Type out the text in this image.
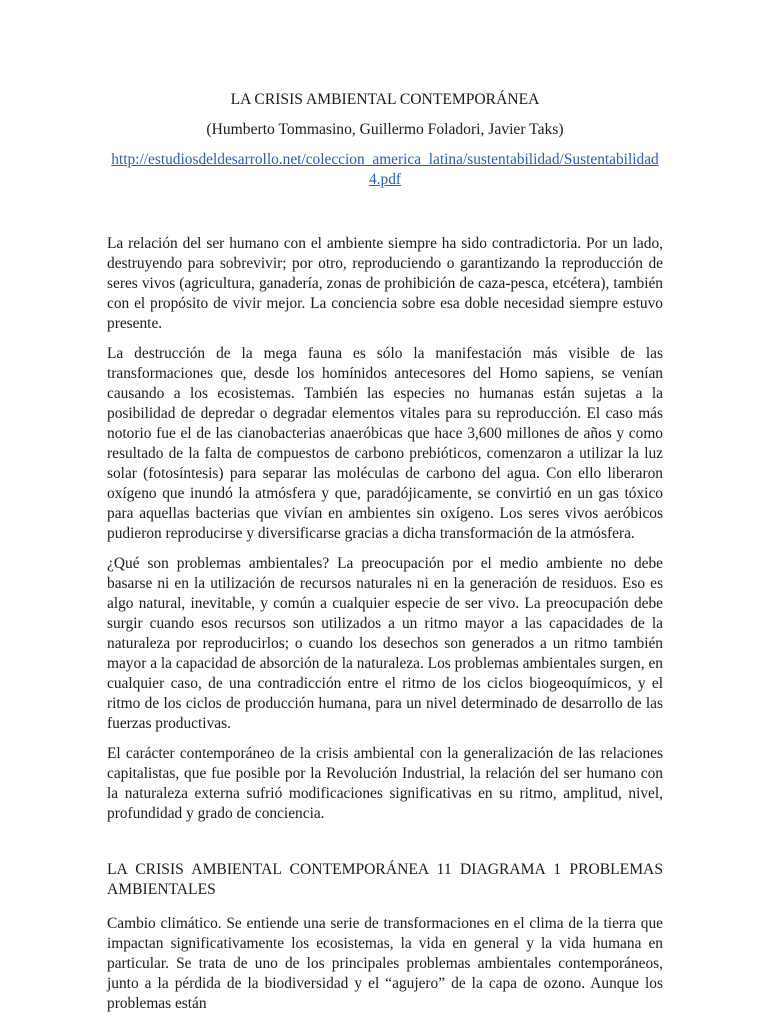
LA CRISIS AMBIENTAL CONTEMPORÁNEA

(Humberto Tommasino, Guillermo Foladori, Javier Taks)

http://estudiosdeldesarrollo.net/coleccion_america_latina/sustentabilidad/Sustentabilidad4.pdf

La relación del ser humano con el ambiente siempre ha sido contradictoria. Por un lado, destruyendo para sobrevivir; por otro, reproduciendo o garantizando la reproducción de seres vivos (agricultura, ganadería, zonas de prohibición de caza-pesca, etcétera), también con el propósito de vivir mejor. La conciencia sobre esa doble necesidad siempre estuvo presente.

La destrucción de la mega fauna es sólo la manifestación más visible de las transformaciones que, desde los homínidos antecesores del Homo sapiens, se venían causando a los ecosistemas. También las especies no humanas están sujetas a la posibilidad de depredar o degradar elementos vitales para su reproducción. El caso más notorio fue el de las cianobacterias anaeróbicas que hace 3,600 millones de años y como resultado de la falta de compuestos de carbono prebióticos, comenzaron a utilizar la luz solar (fotosíntesis) para separar las moléculas de carbono del agua. Con ello liberaron oxígeno que inundó la atmósfera y que, paradójicamente, se convirtió en un gas tóxico para aquellas bacterias que vivían en ambientes sin oxígeno. Los seres vivos aeróbicos pudieron reproducirse y diversificarse gracias a dicha transformación de la atmósfera.

¿Qué son problemas ambientales? La preocupación por el medio ambiente no debe basarse ni en la utilización de recursos naturales ni en la generación de residuos. Eso es algo natural, inevitable, y común a cualquier especie de ser vivo. La preocupación debe surgir cuando esos recursos son utilizados a un ritmo mayor a las capacidades de la naturaleza por reproducirlos; o cuando los desechos son generados a un ritmo también mayor a la capacidad de absorción de la naturaleza. Los problemas ambientales surgen, en cualquier caso, de una contradicción entre el ritmo de los ciclos biogeoquímicos, y el ritmo de los ciclos de producción humana, para un nivel determinado de desarrollo de las fuerzas productivas.

El carácter contemporáneo de la crisis ambiental con la generalización de las relaciones capitalistas, que fue posible por la Revolución Industrial, la relación del ser humano con la naturaleza externa sufrió modificaciones significativas en su ritmo, amplitud, nivel, profundidad y grado de conciencia.

LA CRISIS AMBIENTAL CONTEMPORÁNEA 11 DIAGRAMA 1 PROBLEMAS AMBIENTALES

Cambio climático. Se entiende una serie de transformaciones en el clima de la tierra que impactan significativamente los ecosistemas, la vida en general y la vida humana en particular. Se trata de uno de los principales problemas ambientales contemporáneos, junto a la pérdida de la biodiversidad y el “agujero” de la capa de ozono. Aunque los problemas están
